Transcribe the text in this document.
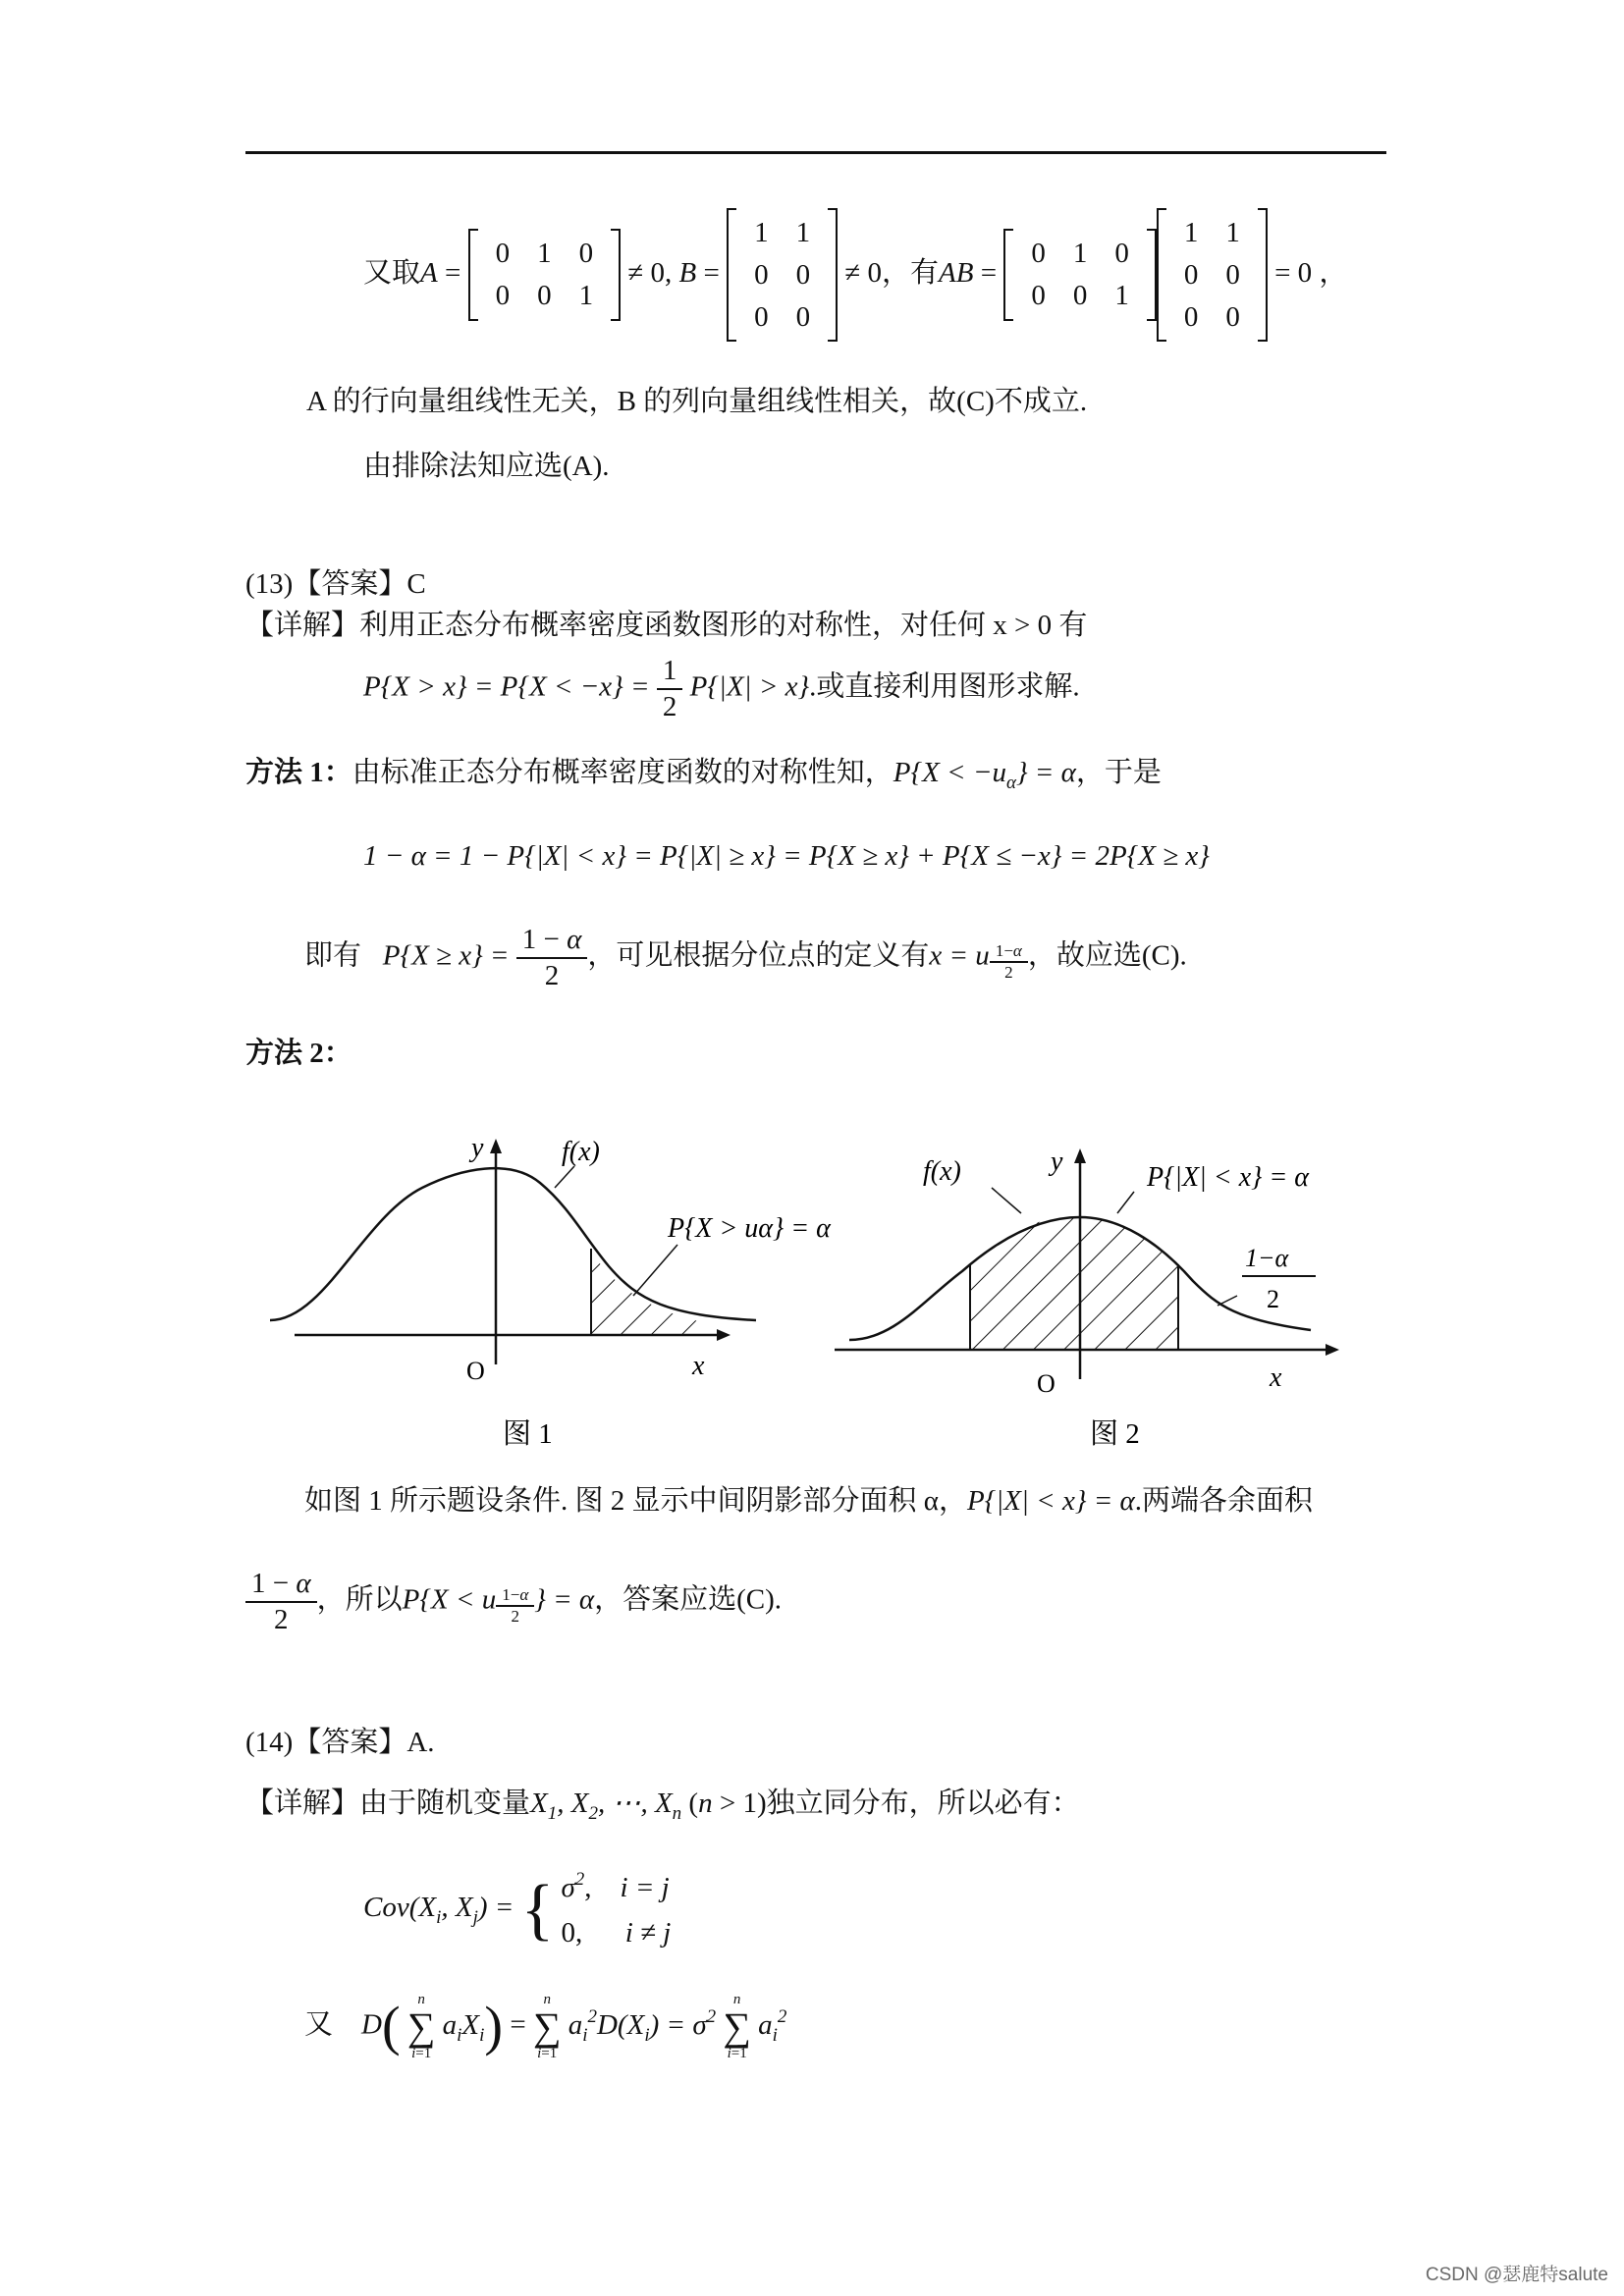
又取A =
0	1	0
0	0	1
≠ 0, B =
1	1
0	0
0	0
≠ 0，有AB =
0	1	0
0	0	1
1	1
0	0
0	0
= 0 ，
A 的行向量组线性无关，B 的列向量组线性相关，故(C)不成立.
由排除法知应选(A).
(13)【答案】C
【详解】利用正态分布概率密度函数图形的对称性，对任何 x > 0 有
$P\{X > x\} = P\{X < -x\} = \frac{1}{2} P\{|X| > x\}$.或直接利用图形求解.
方法 1：由标准正态分布概率密度函数的对称性知，$P\{X < -u_\alpha\} = \alpha$，于是
1 − α = 1 − P{|X| < x} = P{|X| ≥ x} = P{X ≥ x} + P{X ≤ −x} = 2P{X ≥ x}
即有 $P\{X \ge x\} = \frac{1 - \alpha}{2}$ ，可见根据分位点的定义有x = u $\frac{1-\alpha}{2}$ ，故应选(C).
方法 2：
f(x)
y
x
O
P{X > uα} = α
图 1
f(x)	y
x
O
P{|X| < x} = α
1−α
2
图 2
如图 1 所示题设条件. 图 2 显示中间阴影部分面积 α，P{|X| < x} = α.两端各余面积
$\frac{1 - \alpha}{2}$ ，所以P{X < u $\frac{1-\alpha}{2}$ } = α，答案应选(C).
(14)【答案】A.
【详解】由于随机变量$X_1$, $X_2$, ⋯, $X_n$ (n > 1)独立同分布，所以必有：
$Cov(X_i$, $X_j$) = { $\sigma^2$,    i = j
0,      i ≠ j
又 D(	n
∑
i=1
$a_iX_i$) =
n
∑
i=1
$a_i^2D(X_i) = \sigma^2$
n
∑
i=1
$a_i^2$
CSDN @瑟鹿特salute
